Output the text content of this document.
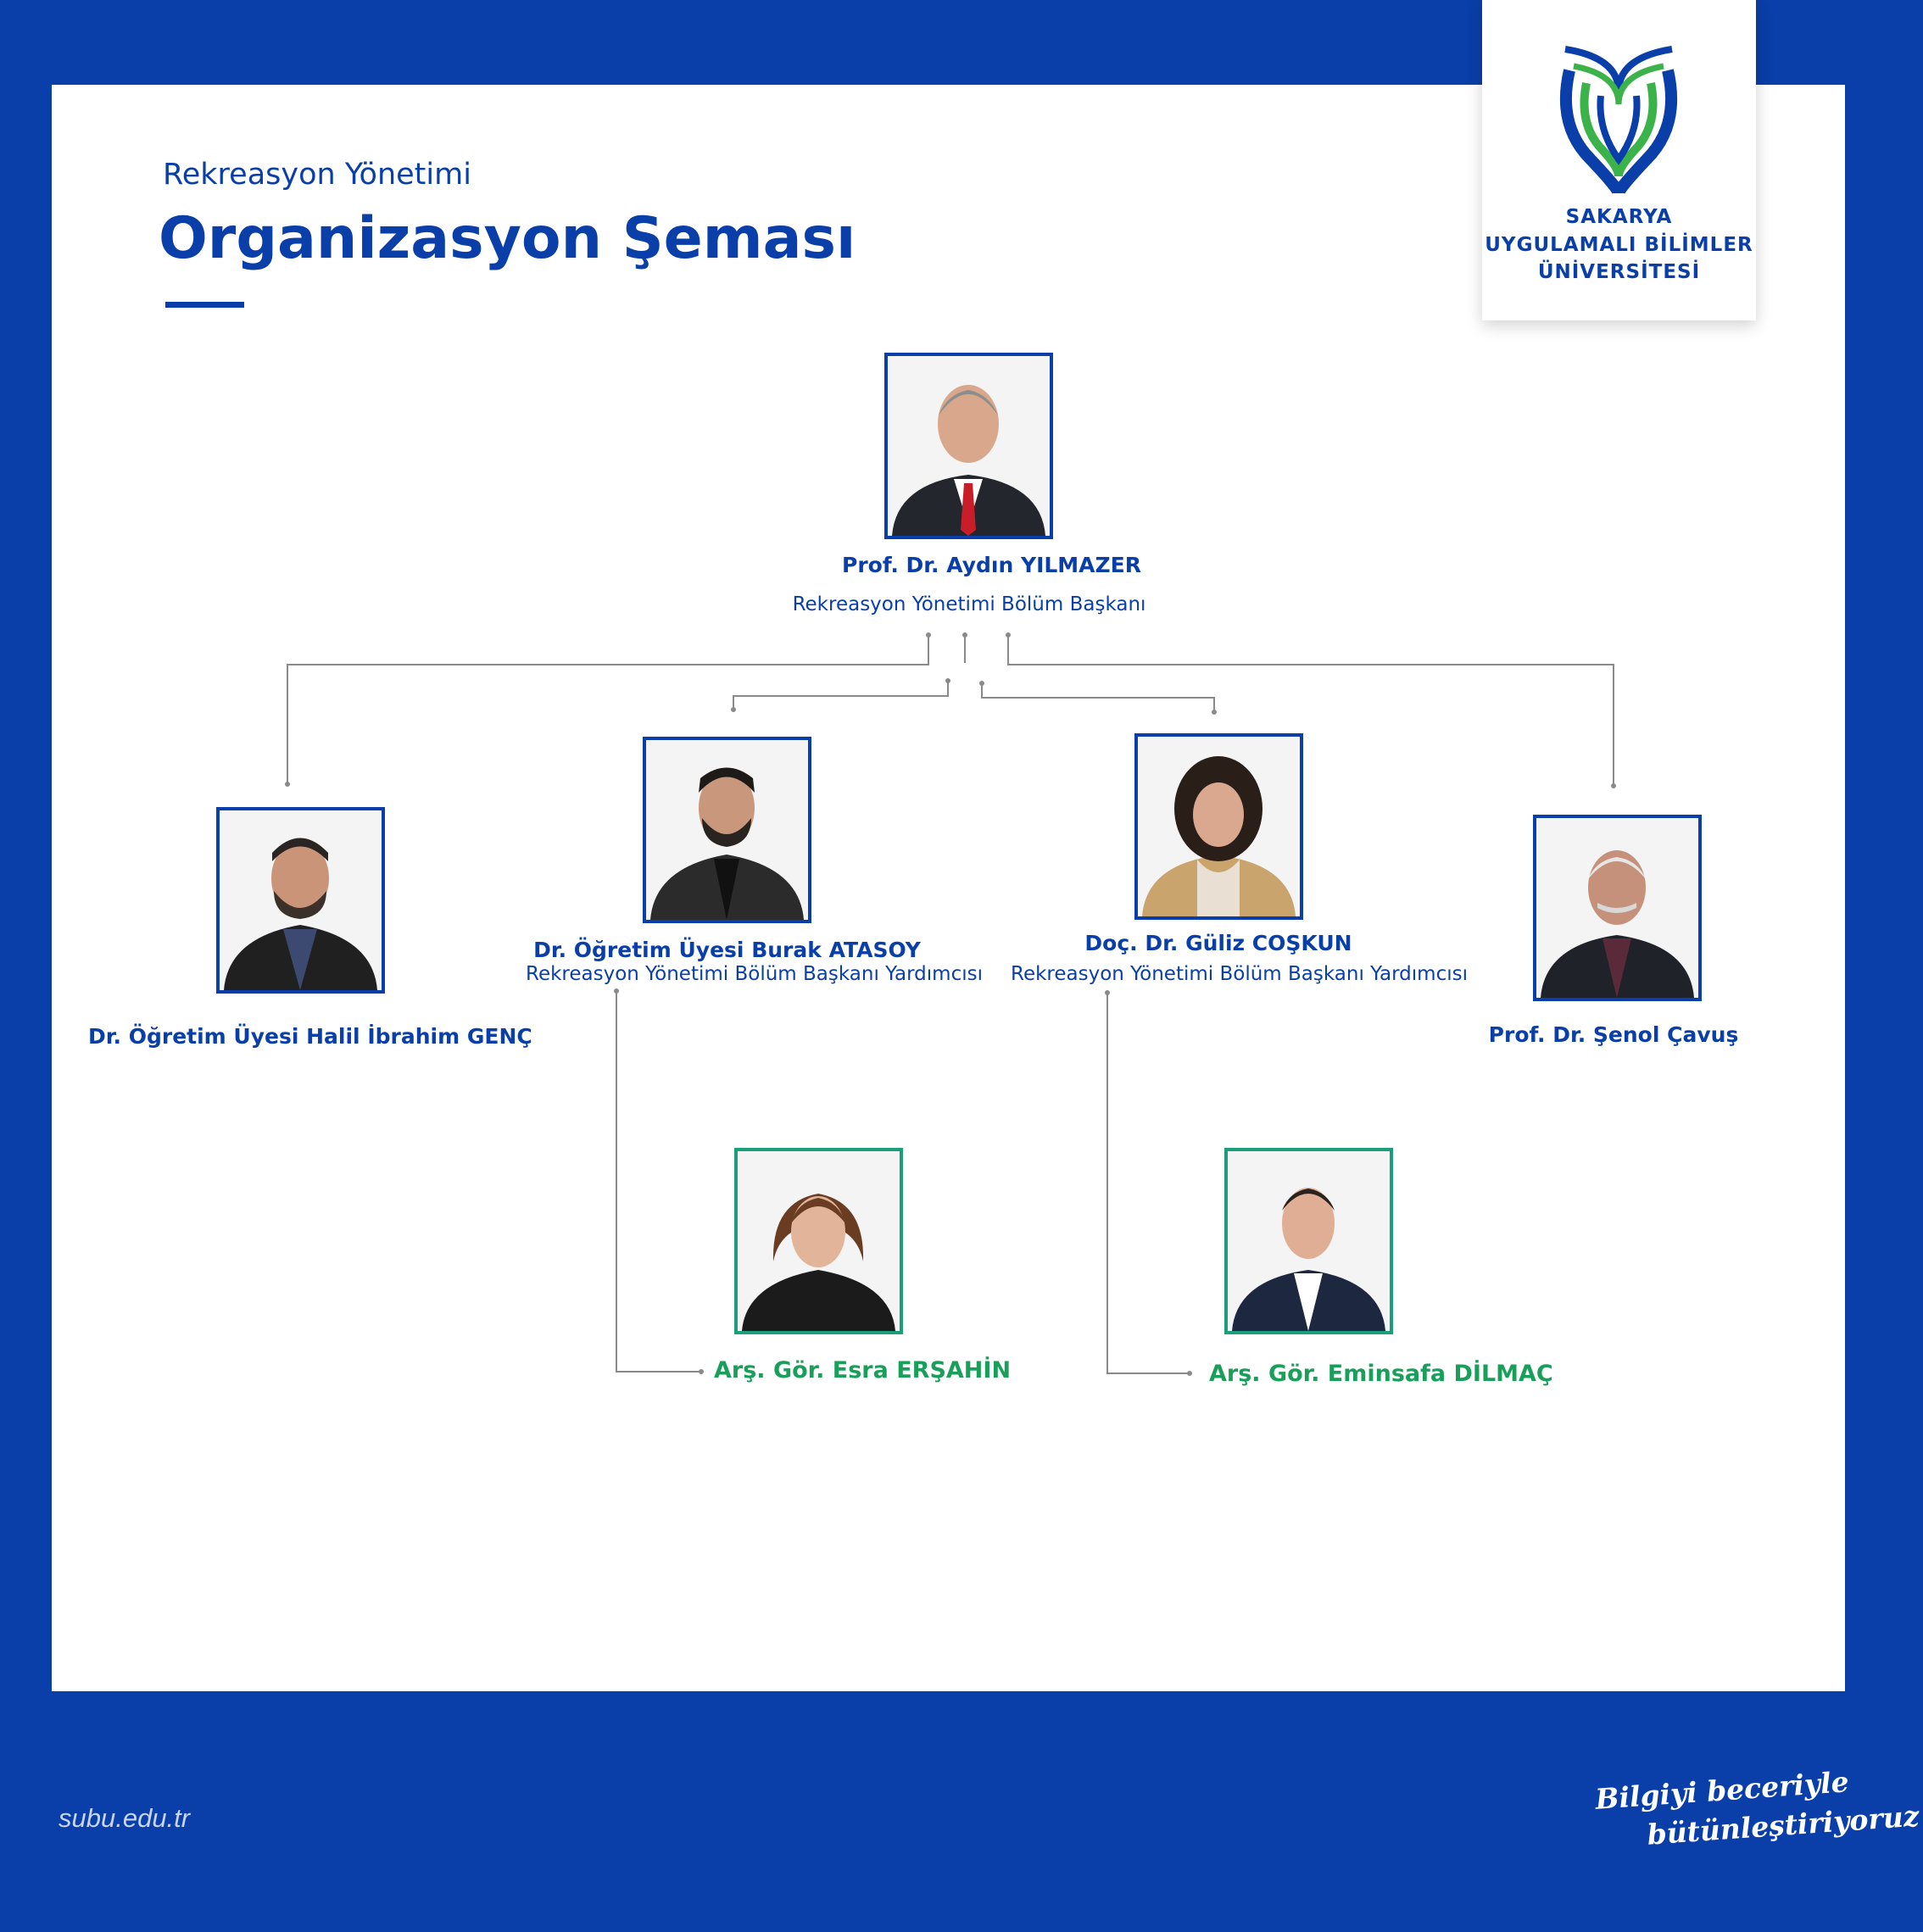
SAKARYA
UYGULAMALI BİLİMLER
ÜNİVERSİTESİ
Rekreasyon Yönetimi
Organizasyon Şeması
Prof. Dr. Aydın YILMAZER
Rekreasyon Yönetimi Bölüm Başkanı
Dr. Öğretim Üyesi Halil İbrahim GENÇ
Dr. Öğretim Üyesi Burak ATASOY
Rekreasyon Yönetimi Bölüm Başkanı Yardımcısı
Doç. Dr. Güliz COŞKUN
Rekreasyon Yönetimi Bölüm Başkanı Yardımcısı
Prof. Dr. Şenol Çavuş
Arş. Gör. Esra ERŞAHİN	Arş. Gör. Eminsafa DİLMAÇ
subu.edu.tr
Bilgiyi beceriyle
bütünleştiriyoruz
